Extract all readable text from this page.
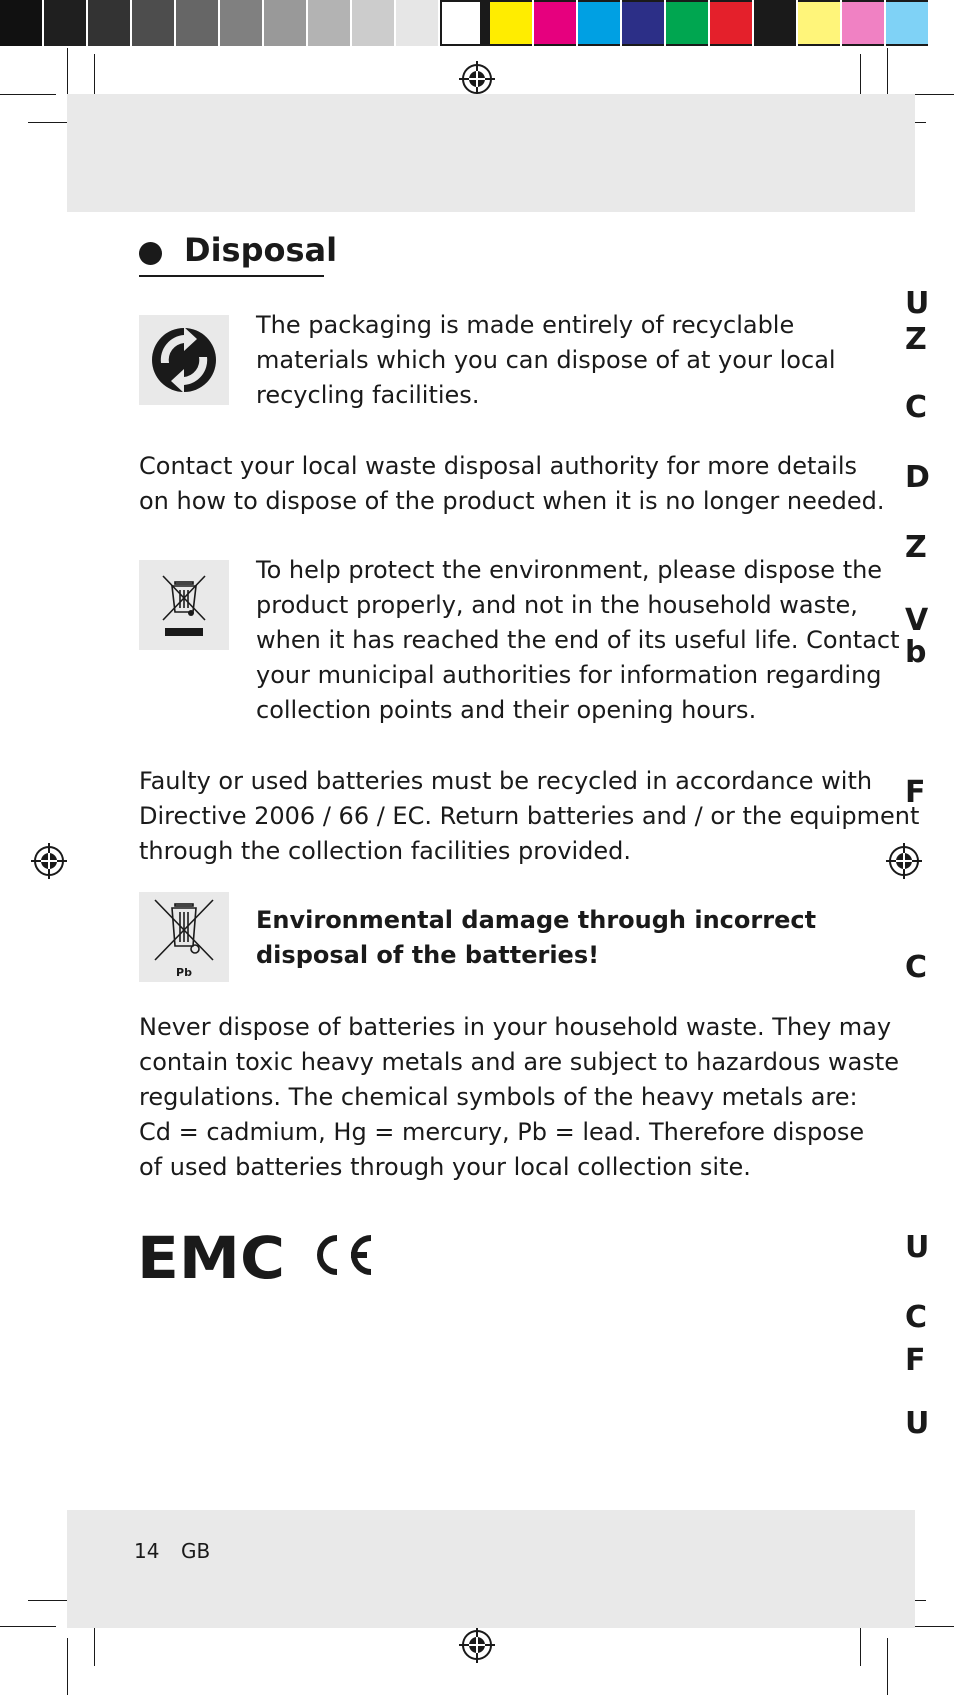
Disposal
The packaging is made entirely of recyclable
materials which you can dispose of at your local
recycling facilities.
Contact your local waste disposal authority for more details
on how to dispose of the product when it is no longer needed.
To help protect the environment, please dispose the
product properly, and not in the household waste,
when it has reached the end of its useful life. Contact
your municipal authorities for information regarding
collection points and their opening hours.
Faulty or used batteries must be recycled in accordance with
Directive 2006 / 66 / EC. Return batteries and / or the equipment
through the collection facilities provided.
Pb
Environmental damage through incorrect
disposal of the batteries!
Never dispose of batteries in your household waste. They may
contain toxic heavy metals and are subject to hazardous waste
regulations. The chemical symbols of the heavy metals are:
Cd = cadmium, Hg = mercury, Pb = lead. Therefore dispose
of used batteries through your local collection site.
EMC
14 GB
U
Z
C
D
Z
V
b
F
C
U
C
F
U
